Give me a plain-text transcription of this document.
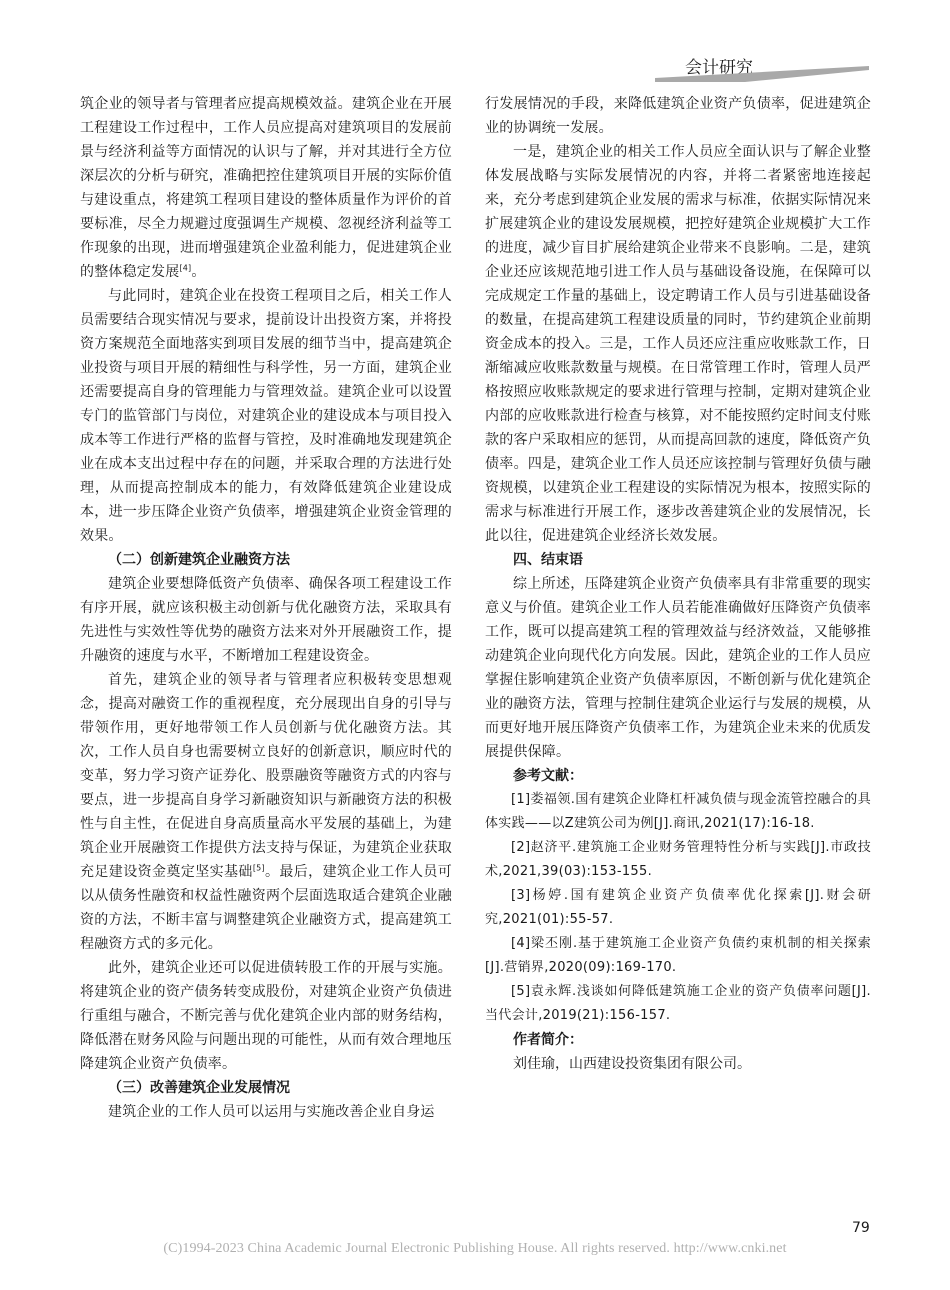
会计研究

筑企业的领导者与管理者应提高规模效益。建筑企业在开展工程建设工作过程中，工作人员应提高对建筑项目的发展前景与经济利益等方面情况的认识与了解，并对其进行全方位深层次的分析与研究，准确把控住建筑项目开展的实际价值与建设重点，将建筑工程项目建设的整体质量作为评价的首要标准，尽全力规避过度强调生产规模、忽视经济利益等工作现象的出现，进而增强建筑企业盈利能力，促进建筑企业的整体稳定发展[4]。

与此同时，建筑企业在投资工程项目之后，相关工作人员需要结合现实情况与要求，提前设计出投资方案，并将投资方案规范全面地落实到项目发展的细节当中，提高建筑企业投资与项目开展的精细性与科学性，另一方面，建筑企业还需要提高自身的管理能力与管理效益。建筑企业可以设置专门的监管部门与岗位，对建筑企业的建设成本与项目投入成本等工作进行严格的监督与管控，及时准确地发现建筑企业在成本支出过程中存在的问题，并采取合理的方法进行处理，从而提高控制成本的能力，有效降低建筑企业建设成本，进一步压降企业资产负债率，增强建筑企业资金管理的效果。

（二）创新建筑企业融资方法

建筑企业要想降低资产负债率、确保各项工程建设工作有序开展，就应该积极主动创新与优化融资方法，采取具有先进性与实效性等优势的融资方法来对外开展融资工作，提升融资的速度与水平，不断增加工程建设资金。

首先，建筑企业的领导者与管理者应积极转变思想观念，提高对融资工作的重视程度，充分展现出自身的引导与带领作用，更好地带领工作人员创新与优化融资方法。其次，工作人员自身也需要树立良好的创新意识，顺应时代的变革，努力学习资产证券化、股票融资等融资方式的内容与要点，进一步提高自身学习新融资知识与新融资方法的积极性与自主性，在促进自身高质量高水平发展的基础上，为建筑企业开展融资工作提供方法支持与保证，为建筑企业获取充足建设资金奠定坚实基础[5]。最后，建筑企业工作人员可以从债务性融资和权益性融资两个层面选取适合建筑企业融资的方法，不断丰富与调整建筑企业融资方式，提高建筑工程融资方式的多元化。

此外，建筑企业还可以促进债转股工作的开展与实施。将建筑企业的资产债务转变成股份，对建筑企业资产负债进行重组与融合，不断完善与优化建筑企业内部的财务结构，降低潜在财务风险与问题出现的可能性，从而有效合理地压降建筑企业资产负债率。

（三）改善建筑企业发展情况

建筑企业的工作人员可以运用与实施改善企业自身运

行发展情况的手段，来降低建筑企业资产负债率，促进建筑企业的协调统一发展。

一是，建筑企业的相关工作人员应全面认识与了解企业整体发展战略与实际发展情况的内容，并将二者紧密地连接起来，充分考虑到建筑企业发展的需求与标准，依据实际情况来扩展建筑企业的建设发展规模，把控好建筑企业规模扩大工作的进度，减少盲目扩展给建筑企业带来不良影响。二是，建筑企业还应该规范地引进工作人员与基础设备设施，在保障可以完成规定工作量的基础上，设定聘请工作人员与引进基础设备的数量，在提高建筑工程建设质量的同时，节约建筑企业前期资金成本的投入。三是，工作人员还应注重应收账款工作，日渐缩减应收账款数量与规模。在日常管理工作时，管理人员严格按照应收账款规定的要求进行管理与控制，定期对建筑企业内部的应收账款进行检查与核算，对不能按照约定时间支付账款的客户采取相应的惩罚，从而提高回款的速度，降低资产负债率。四是，建筑企业工作人员还应该控制与管理好负债与融资规模，以建筑企业工程建设的实际情况为根本，按照实际的需求与标准进行开展工作，逐步改善建筑企业的发展情况，长此以往，促进建筑企业经济长效发展。

四、结束语

综上所述，压降建筑企业资产负债率具有非常重要的现实意义与价值。建筑企业工作人员若能准确做好压降资产负债率工作，既可以提高建筑工程的管理效益与经济效益，又能够推动建筑企业向现代化方向发展。因此，建筑企业的工作人员应掌握住影响建筑企业资产负债率原因，不断创新与优化建筑企业的融资方法，管理与控制住建筑企业运行与发展的规模，从而更好地开展压降资产负债率工作，为建筑企业未来的优质发展提供保障。

参考文献：

[1]娄福领.国有建筑企业降杠杆减负债与现金流管控融合的具体实践——以Z建筑公司为例[J].商讯,2021(17):16-18.

[2]赵济平.建筑施工企业财务管理特性分析与实践[J].市政技术,2021,39(03):153-155.

[3]杨婷.国有建筑企业资产负债率优化探索[J].财会研究,2021(01):55-57.

[4]梁丕刚.基于建筑施工企业资产负债约束机制的相关探索[J].营销界,2020(09):169-170.

[5]袁永辉.浅谈如何降低建筑施工企业的资产负债率问题[J].当代会计,2019(21):156-157.

作者简介：

刘佳瑜，山西建设投资集团有限公司。

79
(C)1994-2023 China Academic Journal Electronic Publishing House. All rights reserved. http://www.cnki.net
